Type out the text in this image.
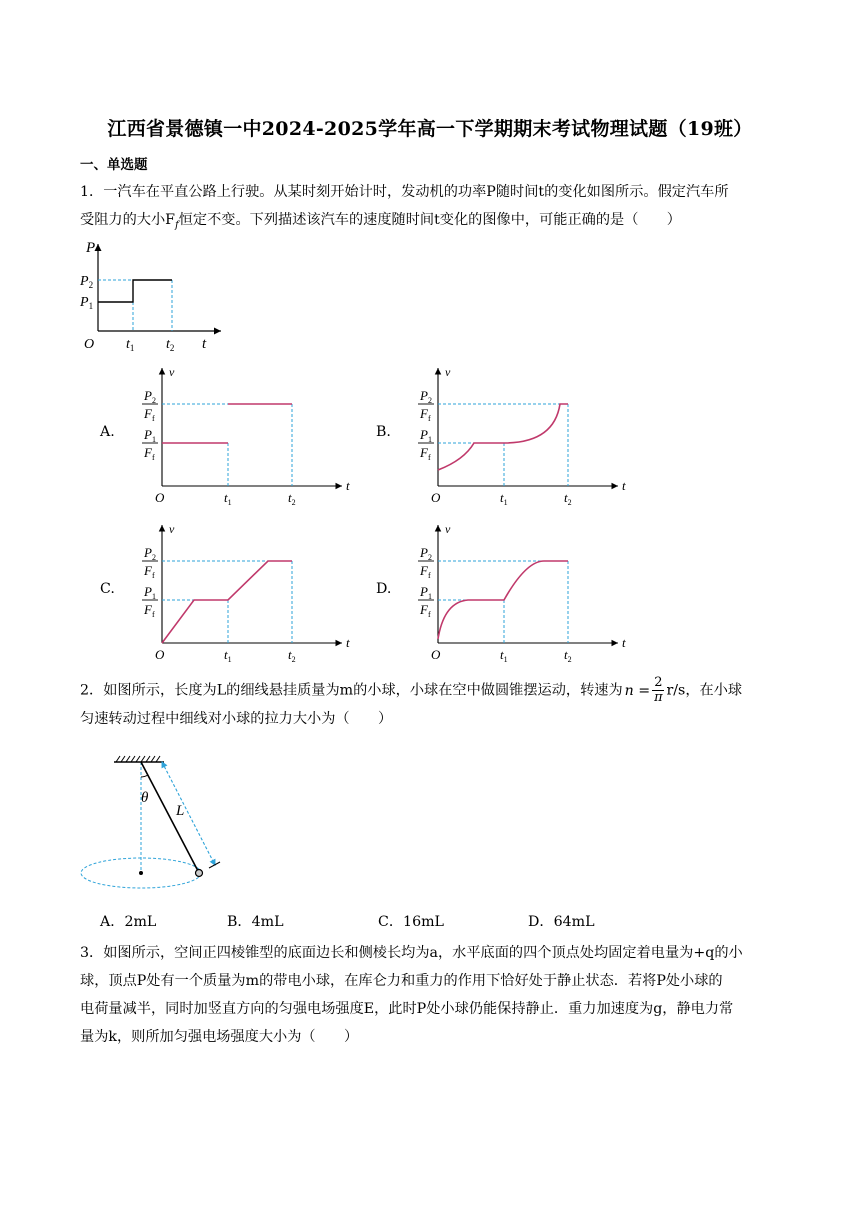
江西省景德镇一中2024-2025学年高一下学期期末考试物理试题（19班）
一、单选题
1．一汽车在平直公路上行驶。从某时刻开始计时，发动机的功率P随时间t的变化如图所示。假定汽车所
受阻力的大小$F_f$恒定不变。下列描述该汽车的速度随时间t变化的图像中，可能正确的是（　　）
P
$P_2$
$P_1$
O $t_1$ $t_2$ t
A.
$P_2$
$F_f$
$P_1$
$F_f$
v
t
O	$t_1$	$t_2$
B.
$P_2$
$F_f$
$P_1$
$F_f$
v
t
O	$t_1$	$t_2$
C.
$P_2$
$F_f$
$P_1$
$F_f$
v
t
O	$t_1$	$t_2$
D.
$P_2$
$F_f$
$P_1$
$F_f$
v
t
O	$t_1$	$t_2$
2．如图所示，长度为L的细线悬挂质量为m的小球，小球在空中做圆锥摆运动，转速为 $n = \frac{2}{\pi} r/s$，在小球
匀速转动过程中细线对小球的拉力大小为（　　）
θ
L
A．2mL	B．4mL	C．16mL	D．64mL
3．如图所示，空间正四棱锥型的底面边长和侧棱长均为a，水平底面的四个顶点处均固定着电量为+q的小
球，顶点P处有一个质量为m的带电小球，在库仑力和重力的作用下恰好处于静止状态．若将P处小球的
电荷量减半，同时加竖直方向的匀强电场强度E，此时P处小球仍能保持静止．重力加速度为g，静电力常
量为k，则所加匀强电场强度大小为（　　）
